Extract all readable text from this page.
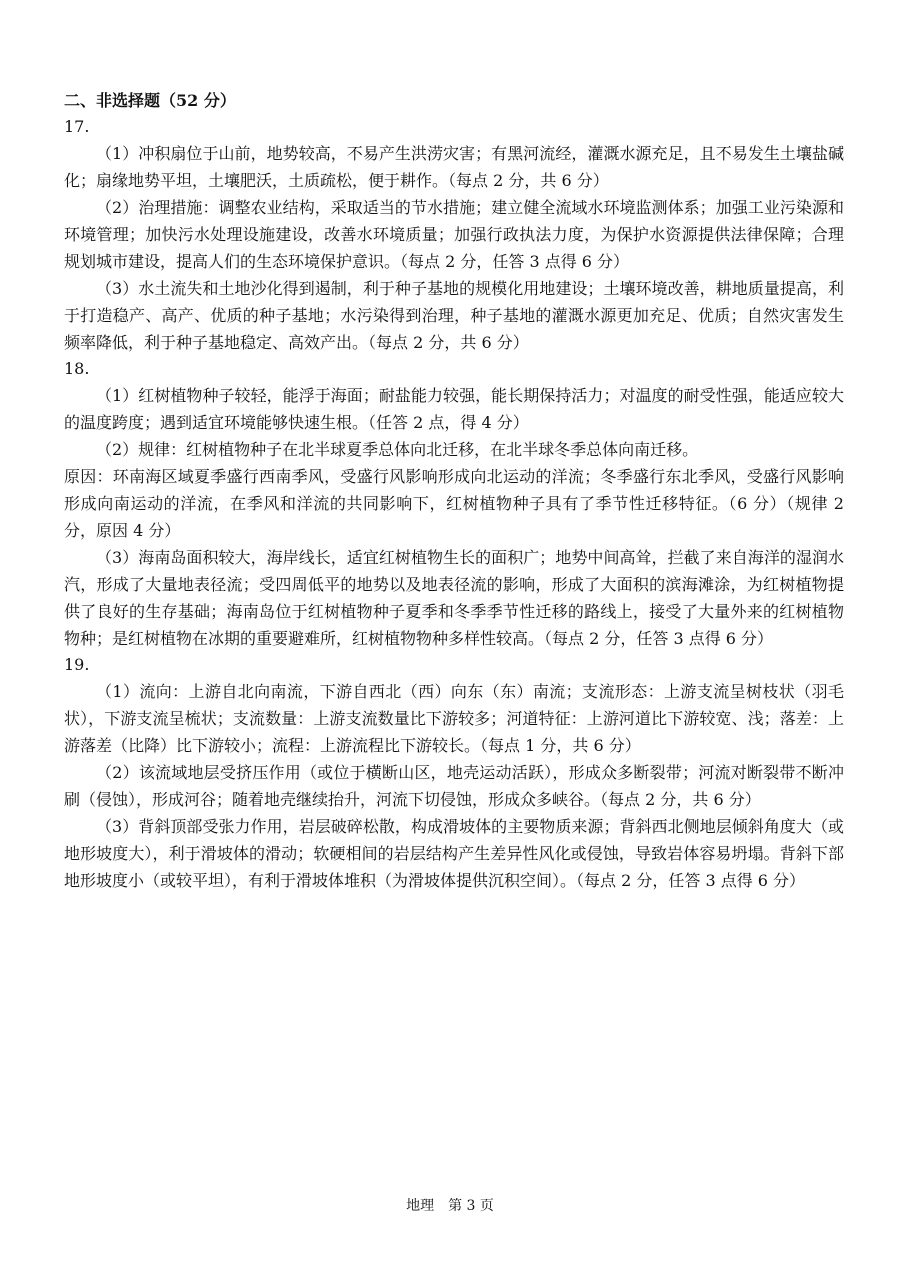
二、非选择题（52 分）

17.

（1）冲积扇位于山前，地势较高，不易产生洪涝灾害；有黑河流经，灌溉水源充足，且不易发生土壤盐碱化；扇缘地势平坦，土壤肥沃，土质疏松，便于耕作。（每点 2 分，共 6 分）

（2）治理措施：调整农业结构，采取适当的节水措施；建立健全流域水环境监测体系；加强工业污染源和环境管理；加快污水处理设施建设，改善水环境质量；加强行政执法力度，为保护水资源提供法律保障；合理规划城市建设，提高人们的生态环境保护意识。（每点 2 分，任答 3 点得 6 分）

（3）水土流失和土地沙化得到遏制，利于种子基地的规模化用地建设；土壤环境改善，耕地质量提高，利于打造稳产、高产、优质的种子基地；水污染得到治理，种子基地的灌溉水源更加充足、优质；自然灾害发生频率降低，利于种子基地稳定、高效产出。（每点 2 分，共 6 分）

18.

（1）红树植物种子较轻，能浮于海面；耐盐能力较强，能长期保持活力；对温度的耐受性强，能适应较大的温度跨度；遇到适宜环境能够快速生根。（任答 2 点，得 4 分）

（2）规律：红树植物种子在北半球夏季总体向北迁移，在北半球冬季总体向南迁移。

原因：环南海区域夏季盛行西南季风，受盛行风影响形成向北运动的洋流；冬季盛行东北季风，受盛行风影响形成向南运动的洋流，在季风和洋流的共同影响下，红树植物种子具有了季节性迁移特征。（6 分）（规律 2 分，原因 4 分）

（3）海南岛面积较大，海岸线长，适宜红树植物生长的面积广；地势中间高耸，拦截了来自海洋的湿润水汽，形成了大量地表径流；受四周低平的地势以及地表径流的影响，形成了大面积的滨海滩涂，为红树植物提供了良好的生存基础；海南岛位于红树植物种子夏季和冬季季节性迁移的路线上，接受了大量外来的红树植物物种；是红树植物在冰期的重要避难所，红树植物物种多样性较高。（每点 2 分，任答 3 点得 6 分）

19.

（1）流向：上游自北向南流，下游自西北（西）向东（东）南流；支流形态：上游支流呈树枝状（羽毛状），下游支流呈梳状；支流数量：上游支流数量比下游较多；河道特征：上游河道比下游较宽、浅；落差：上游落差（比降）比下游较小；流程：上游流程比下游较长。（每点 1 分，共 6 分）

（2）该流域地层受挤压作用（或位于横断山区，地壳运动活跃），形成众多断裂带；河流对断裂带不断冲刷（侵蚀），形成河谷；随着地壳继续抬升，河流下切侵蚀，形成众多峡谷。（每点 2 分，共 6 分）

（3）背斜顶部受张力作用，岩层破碎松散，构成滑坡体的主要物质来源；背斜西北侧地层倾斜角度大（或地形坡度大），利于滑坡体的滑动；软硬相间的岩层结构产生差异性风化或侵蚀，导致岩体容易坍塌。背斜下部地形坡度小（或较平坦），有利于滑坡体堆积（为滑坡体提供沉积空间）。（每点 2 分，任答 3 点得 6 分）

地理　第 3 页
